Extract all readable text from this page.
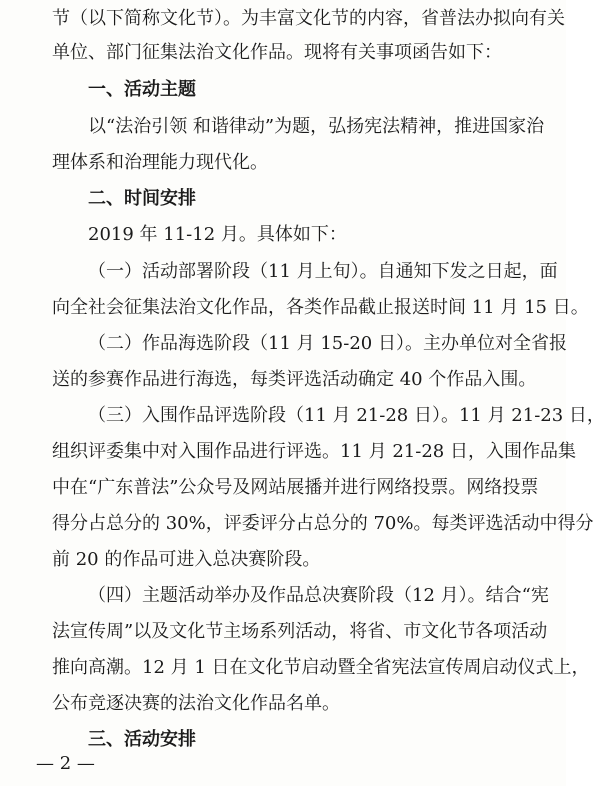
节（以下简称文化节）。为丰富文化节的内容，省普法办拟向有关
单位、部门征集法治文化作品。现将有关事项函告如下：
一、活动主题
以“法治引领 和谐律动”为题，弘扬宪法精神，推进国家治
理体系和治理能力现代化。
二、时间安排
2019 年 11-12 月。具体如下：
（一）活动部署阶段（11 月上旬）。自通知下发之日起，面
向全社会征集法治文化作品，各类作品截止报送时间 11 月 15 日。
（二）作品海选阶段（11 月 15-20 日）。主办单位对全省报
送的参赛作品进行海选，每类评选活动确定 40 个作品入围。
（三）入围作品评选阶段（11 月 21-28 日）。11 月 21-23 日，
组织评委集中对入围作品进行评选。11 月 21-28 日，入围作品集
中在“广东普法”公众号及网站展播并进行网络投票。网络投票
得分占总分的 30%，评委评分占总分的 70%。每类评选活动中得分
前 20 的作品可进入总决赛阶段。
（四）主题活动举办及作品总决赛阶段（12 月）。结合“宪
法宣传周”以及文化节主场系列活动，将省、市文化节各项活动
推向高潮。12 月 1 日在文化节启动暨全省宪法宣传周启动仪式上，
公布竞逐决赛的法治文化作品名单。
三、活动安排
— 2 —
